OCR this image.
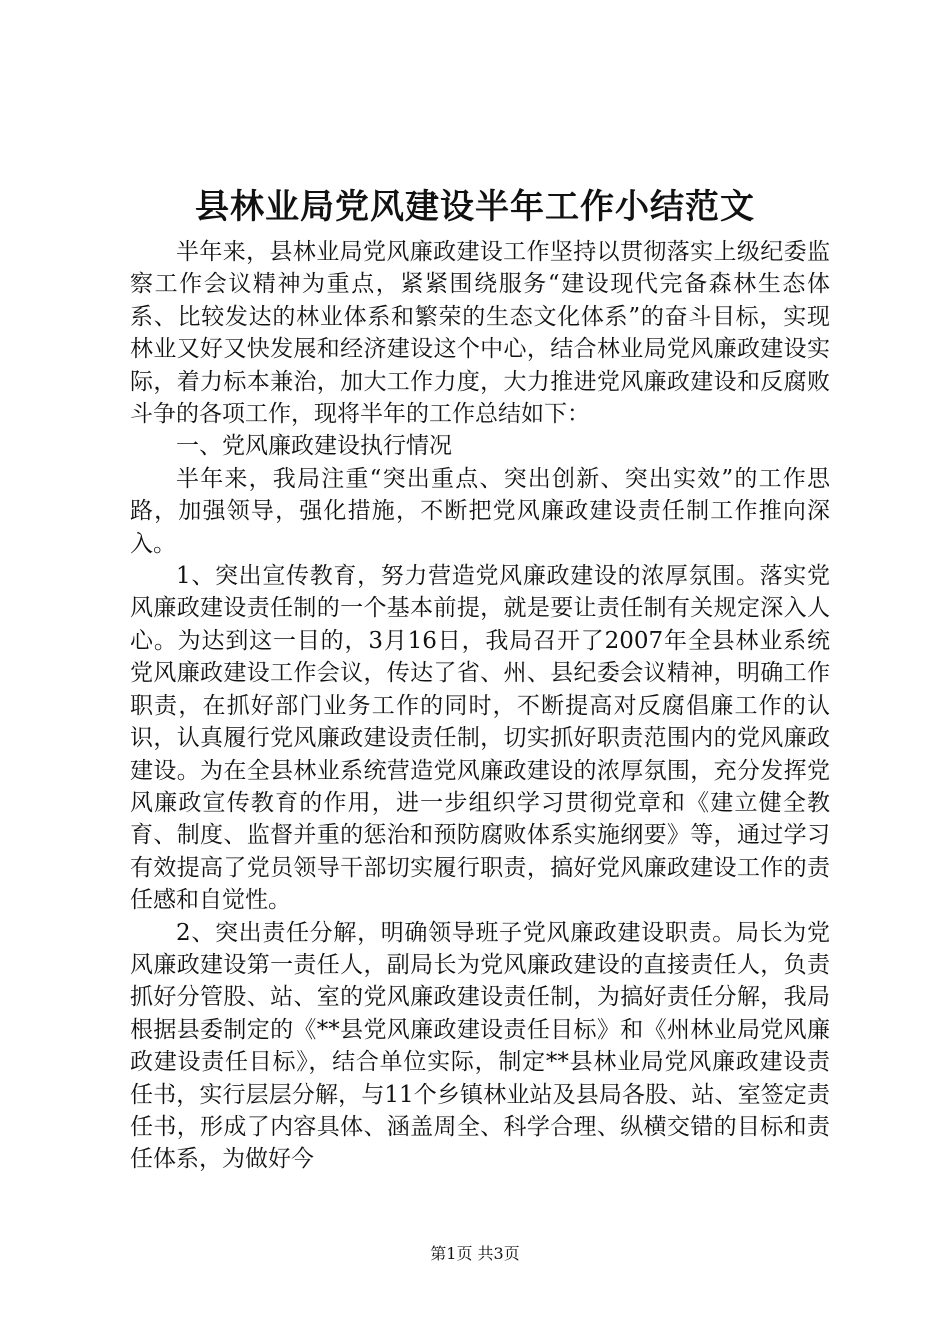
县林业局党风建设半年工作小结范文

半年来，县林业局党风廉政建设工作坚持以贯彻落实上级纪委监察工作会议精神为重点，紧紧围绕服务“建设现代完备森林生态体系、比较发达的林业体系和繁荣的生态文化体系”的奋斗目标，实现林业又好又快发展和经济建设这个中心，结合林业局党风廉政建设实际，着力标本兼治，加大工作力度，大力推进党风廉政建设和反腐败斗争的各项工作，现将半年的工作总结如下：

一、党风廉政建设执行情况

半年来，我局注重“突出重点、突出创新、突出实效”的工作思路，加强领导，强化措施，不断把党风廉政建设责任制工作推向深入。

1、突出宣传教育，努力营造党风廉政建设的浓厚氛围。落实党风廉政建设责任制的一个基本前提，就是要让责任制有关规定深入人心。为达到这一目的，3月16日，我局召开了2007年全县林业系统党风廉政建设工作会议，传达了省、州、县纪委会议精神，明确工作职责，在抓好部门业务工作的同时，不断提高对反腐倡廉工作的认识，认真履行党风廉政建设责任制，切实抓好职责范围内的党风廉政建设。为在全县林业系统营造党风廉政建设的浓厚氛围，充分发挥党风廉政宣传教育的作用，进一步组织学习贯彻党章和《建立健全教育、制度、监督并重的惩治和预防腐败体系实施纲要》等，通过学习有效提高了党员领导干部切实履行职责，搞好党风廉政建设工作的责任感和自觉性。

2、突出责任分解，明确领导班子党风廉政建设职责。局长为党风廉政建设第一责任人，副局长为党风廉政建设的直接责任人，负责抓好分管股、站、室的党风廉政建设责任制，为搞好责任分解，我局根据县委制定的《**县党风廉政建设责任目标》和《州林业局党风廉政建设责任目标》，结合单位实际，制定**县林业局党风廉政建设责任书，实行层层分解，与11个乡镇林业站及县局各股、站、室签定责任书，形成了内容具体、涵盖周全、科学合理、纵横交错的目标和责任体系，为做好今

第1页 共3页
